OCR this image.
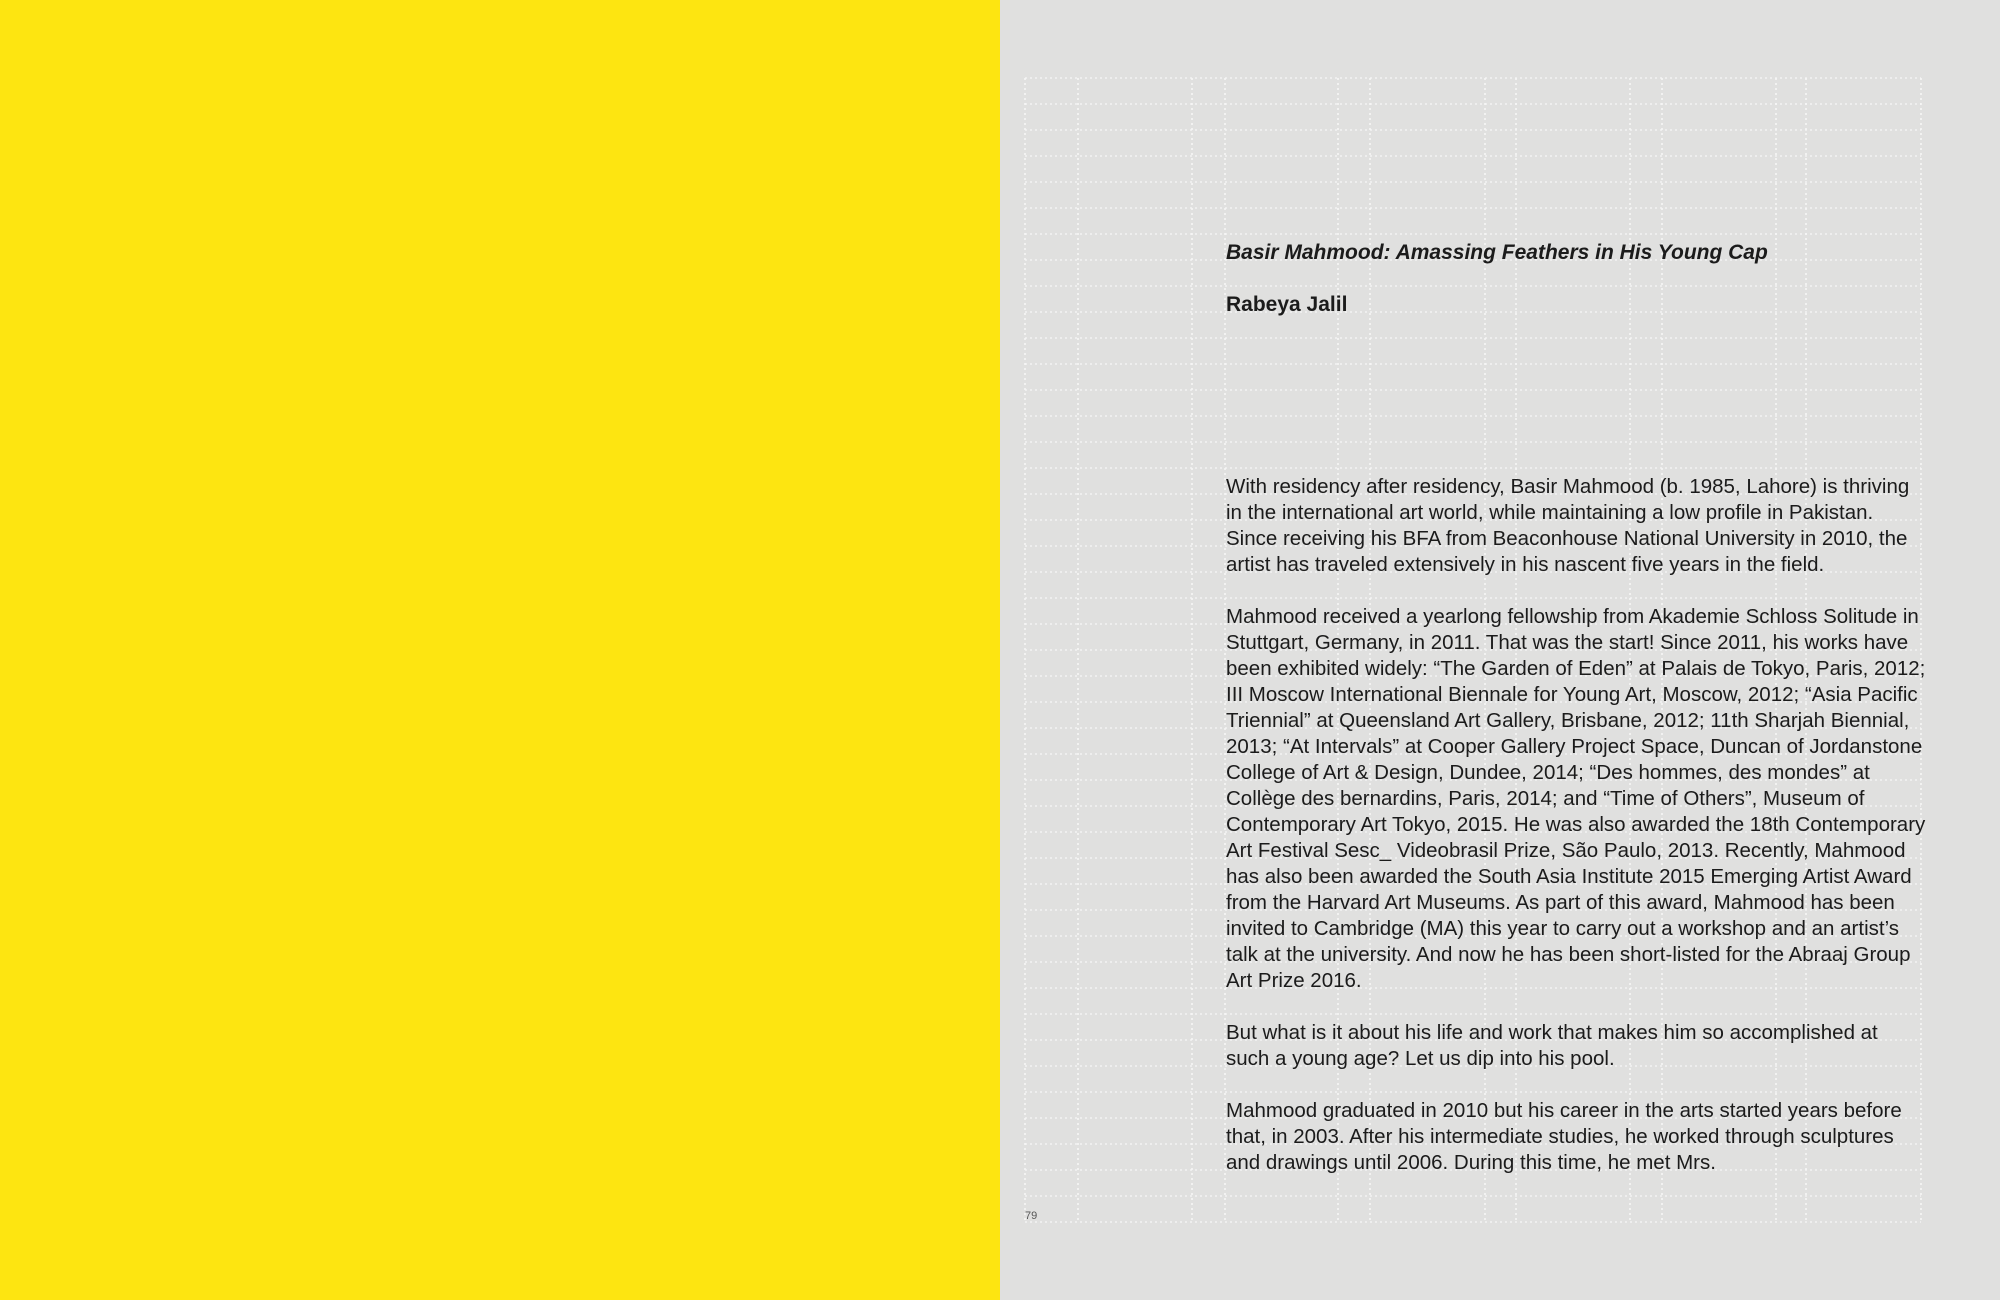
Basir Mahmood: Amassing Feathers in His Young Cap
Rabeya Jalil

With residency after residency, Basir Mahmood (b. 1985, Lahore) is thriving in the international art world, while maintaining a low profile in Pakistan. Since receiving his BFA from Beaconhouse National University in 2010, the artist has traveled extensively in his nascent five years in the field.

Mahmood received a yearlong fellowship from Akademie Schloss Solitude in Stuttgart, Germany, in 2011. That was the start! Since 2011, his works have been exhibited widely: “The Garden of Eden” at Palais de Tokyo, Paris, 2012; III Moscow International Biennale for Young Art, Moscow, 2012; “Asia Pacific Triennial” at Queensland Art Gallery, Brisbane, 2012; 11th Sharjah Biennial, 2013; “At Intervals” at Cooper Gallery Project Space, Duncan of Jordanstone College of Art & Design, Dundee, 2014; “Des hommes, des mondes” at Collège des bernardins, Paris, 2014; and “Time of Others”, Museum of Contemporary Art Tokyo, 2015. He was also awarded the 18th Contemporary Art Festival Sesc_ Videobrasil Prize, São Paulo, 2013. Recently, Mahmood has also been awarded the South Asia Institute 2015 Emerging Artist Award from the Harvard Art Museums. As part of this award, Mahmood has been invited to Cambridge (MA) this year to carry out a workshop and an artist’s talk at the university. And now he has been short-listed for the Abraaj Group Art Prize 2016.

But what is it about his life and work that makes him so accomplished at such a young age? Let us dip into his pool.

Mahmood graduated in 2010 but his career in the arts started years before that, in 2003. After his intermediate studies, he worked through sculptures and drawings until 2006. During this time, he met Mrs.

79
